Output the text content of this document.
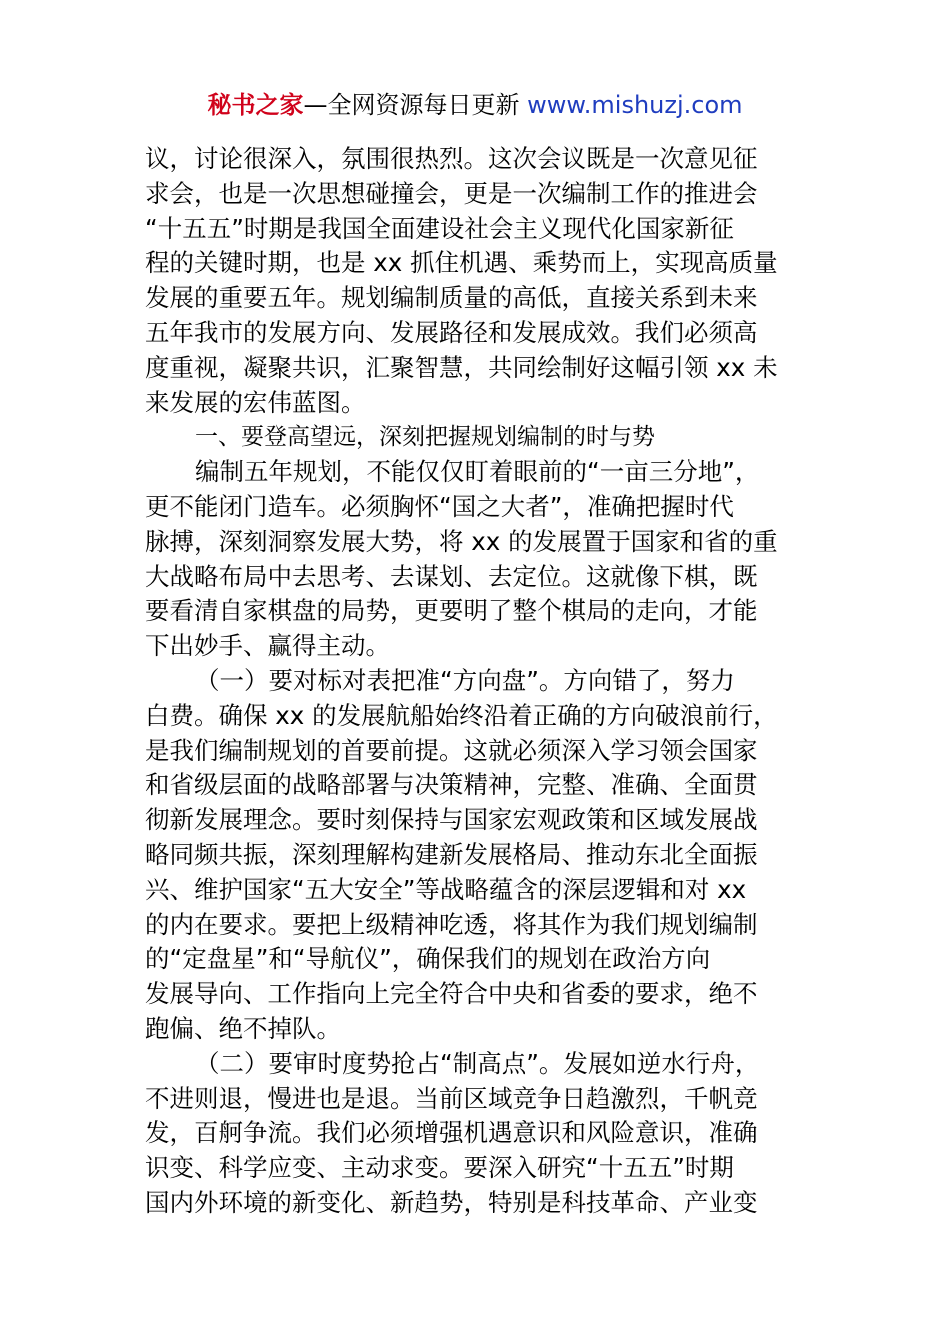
秘书之家—全网资源每日更新 www.mishuzj.com
议，讨论很深入，氛围很热烈。这次会议既是一次意见征
求会，也是一次思想碰撞会，更是一次编制工作的推进会
“十五五”时期是我国全面建设社会主义现代化国家新征
程的关键时期，也是 xx 抓住机遇、乘势而上，实现高质量
发展的重要五年。规划编制质量的高低，直接关系到未来
五年我市的发展方向、发展路径和发展成效。我们必须高
度重视，凝聚共识，汇聚智慧，共同绘制好这幅引领 xx 未
来发展的宏伟蓝图。
一、要登高望远，深刻把握规划编制的时与势
编制五年规划，不能仅仅盯着眼前的“一亩三分地”，
更不能闭门造车。必须胸怀“国之大者”，准确把握时代
脉搏，深刻洞察发展大势，将 xx 的发展置于国家和省的重
大战略布局中去思考、去谋划、去定位。这就像下棋，既
要看清自家棋盘的局势，更要明了整个棋局的走向，才能
下出妙手、赢得主动。
（一）要对标对表把准“方向盘”。方向错了，努力
白费。确保 xx 的发展航船始终沿着正确的方向破浪前行，
是我们编制规划的首要前提。这就必须深入学习领会国家
和省级层面的战略部署与决策精神，完整、准确、全面贯
彻新发展理念。要时刻保持与国家宏观政策和区域发展战
略同频共振，深刻理解构建新发展格局、推动东北全面振
兴、维护国家“五大安全”等战略蕴含的深层逻辑和对 xx
的内在要求。要把上级精神吃透，将其作为我们规划编制
的“定盘星”和“导航仪”，确保我们的规划在政治方向
发展导向、工作指向上完全符合中央和省委的要求，绝不
跑偏、绝不掉队。
（二）要审时度势抢占“制高点”。发展如逆水行舟，
不进则退，慢进也是退。当前区域竞争日趋激烈，千帆竞
发，百舸争流。我们必须增强机遇意识和风险意识，准确
识变、科学应变、主动求变。要深入研究“十五五”时期
国内外环境的新变化、新趋势，特别是科技革命、产业变
